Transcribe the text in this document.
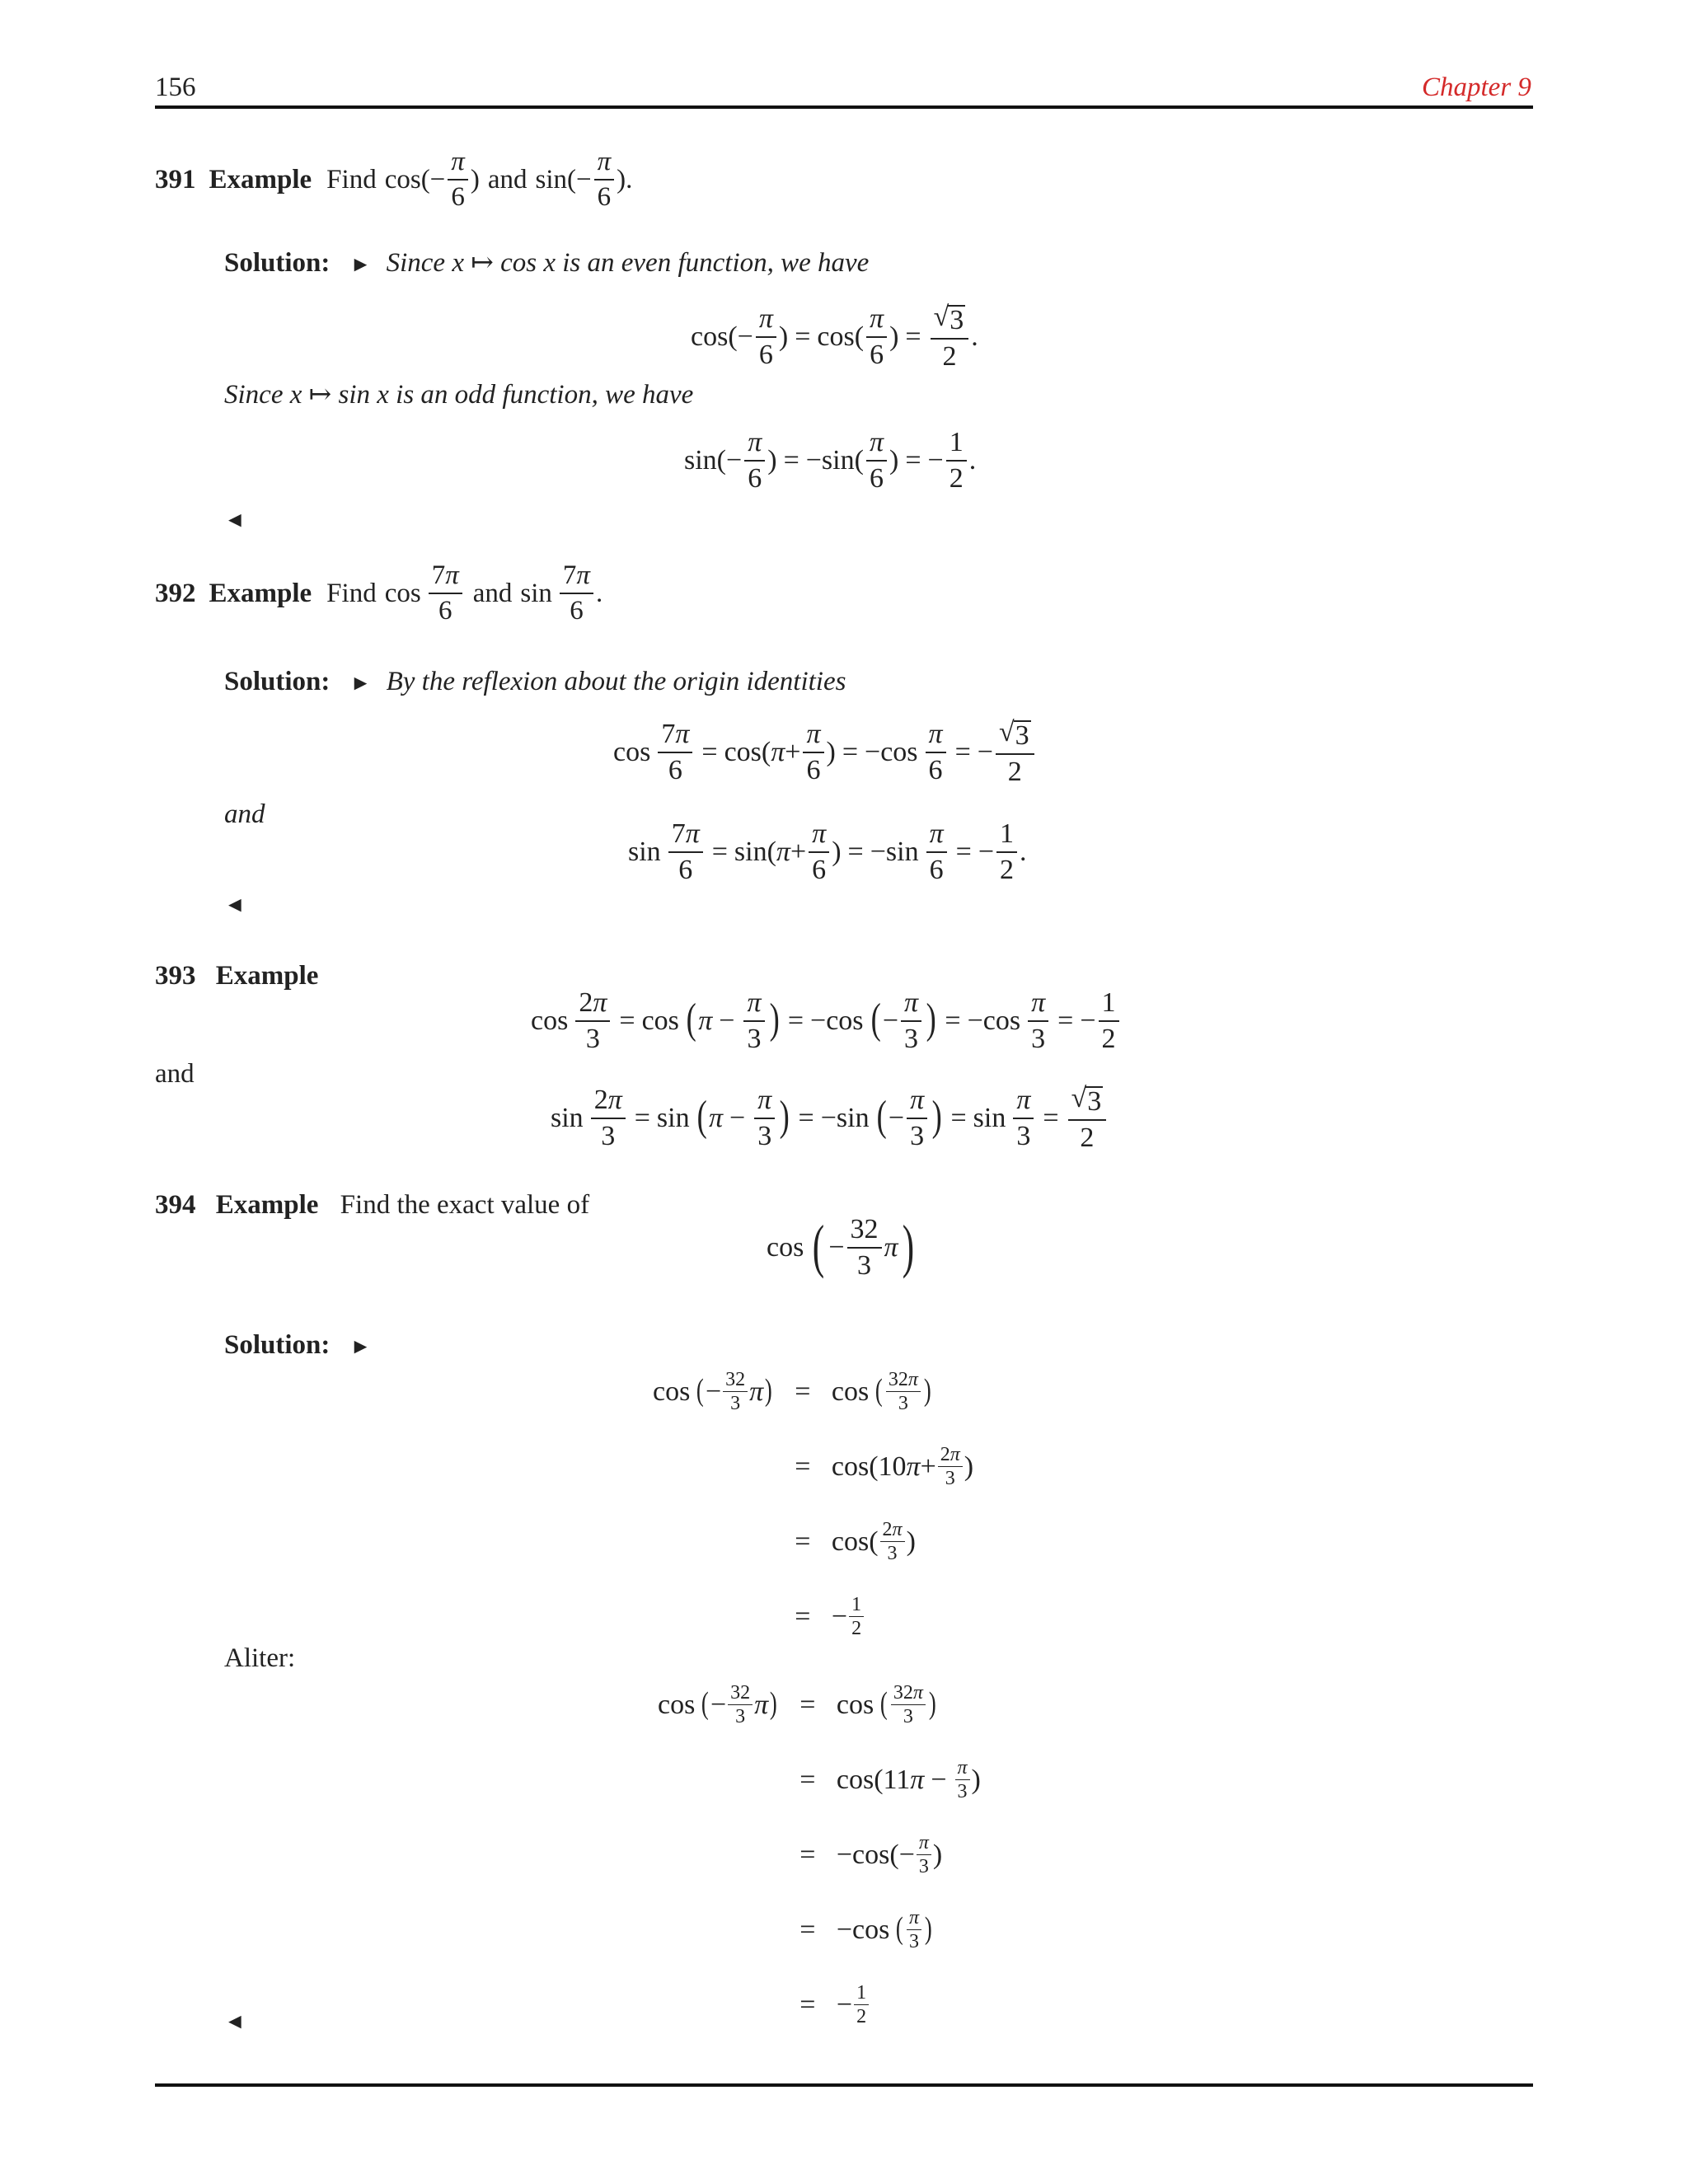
156	Chapter 9
391 Example Find $\cos(- \frac{\pi}{6}$ ) and $\sin(- \frac{\pi}{6}$ ).
Solution: ► Since x ↦ cos x is an even function, we have
$\cos(- \frac{\pi}{6}$ ) = $\cos( \frac{\pi}{6}$ ) = $\frac{√ 3}{2}$ .
Since x ↦ sin x is an odd function, we have
$\sin(- \frac{\pi}{6}$ ) = $-\sin( \frac{\pi}{6}$ ) = − $\frac{1}{2}$ .
◄
392 Example Find $\cos \frac{7\pi}{6}$ and $\sin \frac{7\pi}{6}$ .
Solution: ► By the reflexion about the origin identities
$\cos \frac{7\pi}{6} = \cos$( $\pi + \frac{\pi}{6}$ ) = $-\cos \frac{\pi}{6}$ = − $\frac{√ 3}{2}$
and
$\sin \frac{7\pi}{6} = \sin$( $\pi + \frac{\pi}{6}$ ) = $-\sin \frac{\pi}{6}$ = − $\frac{1}{2}$ .
◄
393 Example
$\cos \frac{2\pi}{3} = \cos$ ( $\pi - \frac{\pi}{3}$ ) = −cos ( − $\frac{\pi}{3}$ ) = $-\cos \frac{\pi}{3}$ = − $\frac{1}{2}$
and
$\sin \frac{2\pi}{3} = \sin$ ( $\pi - \frac{\pi}{3}$ ) = −sin ( − $\frac{\pi}{3}$ ) = $\sin \frac{\pi}{3} = \frac{√ 3}{2}$
394 Example Find the exact value of
cos ( − $\frac{32}{3}$ π )
Solution: ►
cos ( − $\frac{32}{3}$ π ) = cos ( $\frac{32\pi}{3}$ )
= cos(10 $\pi + \frac{2\pi}{3}$ )
= $\cos( \frac{2\pi}{3}$ )
= − $\frac{1}{2}$
Aliter:
cos ( − $\frac{32}{3}$ π ) = cos ( $\frac{32\pi}{3}$ )
= cos(11 $\pi - \frac{\pi}{3}$ )
= $-\cos(- \frac{\pi}{3}$ )
= −cos ( $\frac{\pi}{3}$ )
= − $\frac{1}{2}$
◄
